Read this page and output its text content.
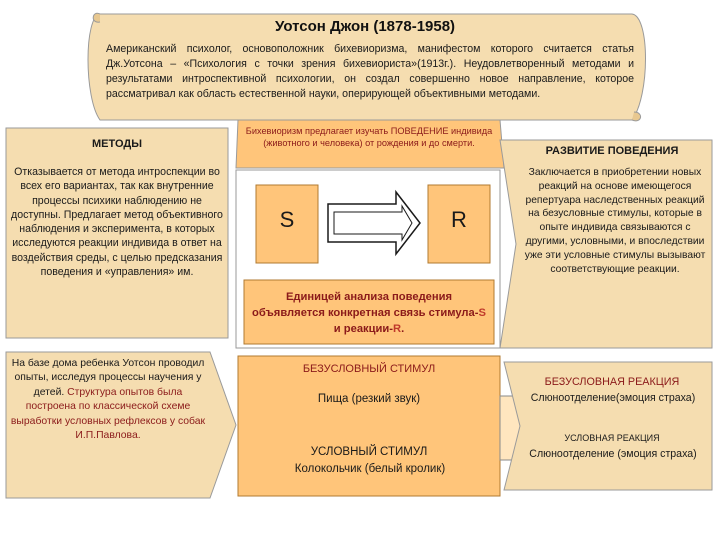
Уотсон Джон (1878-1958)
Американский психолог, основоположник бихевиоризма, манифестом которого считается статья Дж.Уотсона – «Психология с точки зрения бихевиориста»(1913г.). Неудовлетворенный методами и результатами интроспективной психологии, он создал совершенно новое направление, которое рассматривал как область естественной науки, оперирующей объективными методами.
МЕТОДЫ
Отказывается от метода интроспекции во всех его вариантах, так как внутренние процессы психики наблюдению не доступны. Предлагает метод объективного наблюдения и эксперимента, в которых исследуются реакции индивида в ответ на воздействия среды, с целью предсказания поведения и «управления» им.
На базе дома ребенка Уотсон проводил опыты, исследуя процессы научения у детей. Структура опытов была построена по классической схеме выработки условных рефлексов у собак И.П.Павлова.
Бихевиоризм предлагает изучать ПОВЕДЕНИЕ индивида (животного и человека) от рождения и до смерти.
S	R
Единицей анализа поведения объявляется конкретная связь стимула-S и реакции-R.
РАЗВИТИЕ ПОВЕДЕНИЯ
Заключается в приобретении новых реакций на основе имеющегося репертуара наследственных реакций на безусловные стимулы, которые в опыте индивида связываются с другими, условными, и впоследствии уже эти условные стимулы вызывают соответствующие реакции.
БЕЗУСЛОВНЫЙ СТИМУЛ
Пища (резкий звук)
УСЛОВНЫЙ СТИМУЛ
Колокольчик (белый кролик)
БЕЗУСЛОВНАЯ РЕАКЦИЯ
Слюноотделение(эмоция страха)
УСЛОВНАЯ РЕАКЦИЯ
Слюноотделение (эмоция страха)
